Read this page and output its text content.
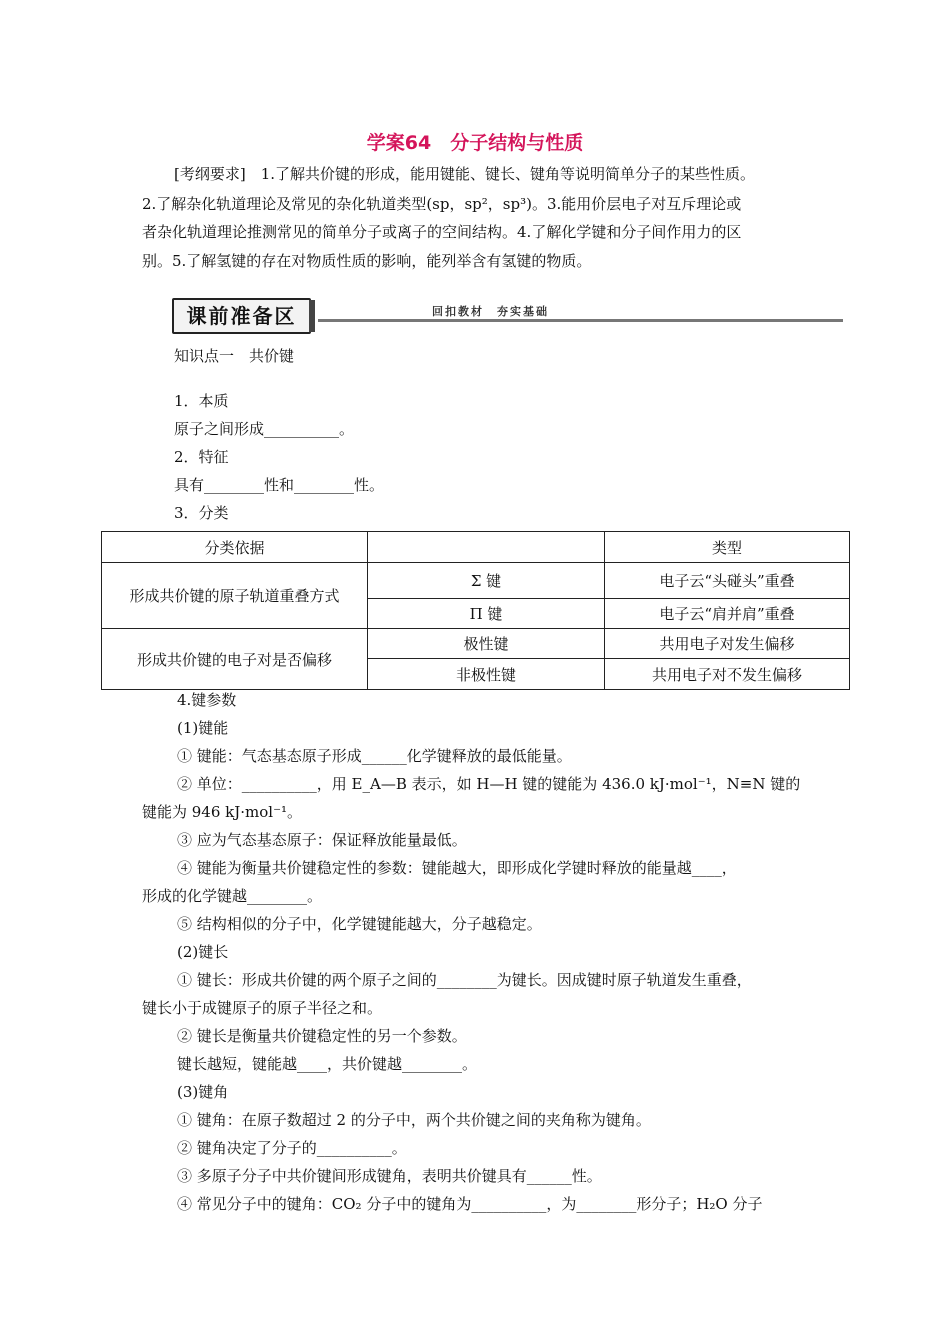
学案64　分子结构与性质
[考纲要求]　1.了解共价键的形成，能用键能、键长、键角等说明简单分子的某些性质。
2.了解杂化轨道理论及常见的杂化轨道类型(sp，sp²，sp³)。3.能用价层电子对互斥理论或
者杂化轨道理论推测常见的简单分子或离子的空间结构。4.了解化学键和分子间作用力的区
别。5.了解氢键的存在对物质性质的影响，能列举含有氢键的物质。
课前准备区	回扣教材　夯实基础
知识点一　共价键
1．本质
原子之间形成__________。
2．特征
具有________性和________性。
3．分类
分类依据		类型
形成共价键的原子轨道重叠方式	Σ 键	电子云“头碰头”重叠
	Π 键	电子云“肩并肩”重叠
形成共价键的电子对是否偏移	极性键	共用电子对发生偏移
	非极性键	共用电子对不发生偏移
4.键参数
(1)键能
① 键能：气态基态原子形成______化学键释放的最低能量。
② 单位：__________，用 E_A—B 表示，如 H—H 键的键能为 436.0 kJ·mol⁻¹，N≡N 键的
键能为 946 kJ·mol⁻¹。
③ 应为气态基态原子：保证释放能量最低。
④ 键能为衡量共价键稳定性的参数：键能越大，即形成化学键时释放的能量越____，
形成的化学键越________。
⑤ 结构相似的分子中，化学键键能越大，分子越稳定。
(2)键长
① 键长：形成共价键的两个原子之间的________为键长。因成键时原子轨道发生重叠，
键长小于成键原子的原子半径之和。
② 键长是衡量共价键稳定性的另一个参数。
键长越短，键能越____，共价键越________。
(3)键角
① 键角：在原子数超过 2 的分子中，两个共价键之间的夹角称为键角。
② 键角决定了分子的__________。
③ 多原子分子中共价键间形成键角，表明共价键具有______性。
④ 常见分子中的键角：CO₂ 分子中的键角为__________，为________形分子；H₂O 分子
